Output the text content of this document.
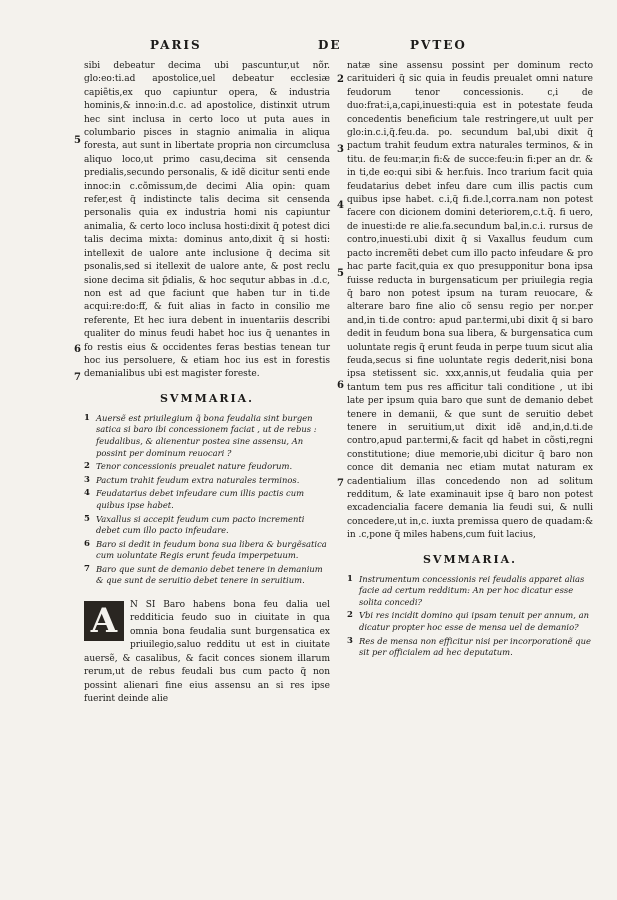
PARIS	DE	PVTEO

sibi debeatur decima ubi pascuntur,ut nõr. glo:eo:ti.ad apostolice,uel debeatur ecclesiæ capiẽtis,ex quo capiuntur opera, & industria hominis,& inno:in.d.c. ad apostolice, distinxit utrum hec sint inclusa in certo loco ut puta aues in columbario pisces in stagnio animalia in aliqua foresta, aut sunt in libertate propria non circumclusa aliquo loco,ut primo casu,decima sit censenda predialis,secundo personalis, & idẽ dicitur senti ende innoc:in c.cõmissum,de decimi Alia opin: quam refer,est q̃ indistincte talis decima sit censenda personalis quia ex industria homi nis capiuntur animalia, & certo loco inclusa hosti:dixit q̃ potest dici talis decima mixta: dominus anto,dixit q̃ si hosti: intellexit de ualore ante inclusione q̃ decima sit psonalis,sed si itellexit de ualore ante, & post reclu sione decima sit p̃dialis, & hoc sequtur abbas in .d.c, non est ad que faciunt que haben tur in ti.de acqui:re:do:ff, & fuit alias in facto in consilio me referente, Et hec iura debent in inuentariis describi qualiter do minus feudi habet hoc ius q̃ uenantes in fo restis eius & occidentes feras bestias tenean tur hoc ius persoluere, & etiam hoc ius est in forestis demanialibus ubi est magister foreste.

SVMMARIA.
1 Auersẽ est priuilegium q̃ bona feudalia sint burgen satica si baro ibi concessionem faciat , ut de rebus : feudalibus, & alienentur postea sine assensu, An possint per dominum reuocari ?
2 Tenor concessionis preualet nature feudorum.
3 Pactum trahit feudum extra naturales terminos.
4 Feudatarius debet infeudare cum illis pactis cum quibus ipse habet.
5 Vaxallus si accepit feudum cum pacto incrementi debet cum illo pacto infeudare.
6 Baro si dedit in feudum bona sua libera & burgẽsatica cum uoluntate Regis erunt feuda imperpetuum.
7 Baro que sunt de demanio debet tenere in demanium & que sunt de seruitio debet tenere in seruitium.
A	N SI Baro habens bona feu dalia uel redditicia feudo suo in ciuitate in qua omnia bona feudalia sunt burgensatica ex priuilegio,saluo redditu ut est in ciuitate auersẽ, & casalibus, & facit conces sionem illarum rerum,ut de rebus feudali bus cum pacto q̃ non possint alienari fine eius assensu an si res ipse fuerint deinde alie

5
6
7

natæ sine assensu possint per dominum recto carituideri q̃ sic quia in feudis preualet omni nature feudorum tenor concessionis. c,i de duo:frat:i,a,capi,inuesti:quia est in potestate feuda concedentis beneficium tale restringere,ut uult per glo:in.c.i,q̃.feu.da. po. secundum bal,ubi dixit q̃ pactum trahit feudum extra naturales terminos, & in titu. de feu:mar,in fi:& de succe:feu:in fi:per an dr. & in ti,de eo:qui sibi & her.fuis. Inco trarium facit quia feudatarius debet infeu dare cum illis pactis cum quibus ipse habet. c.i,q̃ fi.de.l,corra.nam non potest facere con dicionem domini deteriorem,c.t.q̃. fi uero, de inuesti:de re alie.fa.secundum bal,in.c.i. rursus de contro,inuesti.ubi dixit q̃ si Vaxallus feudum cum pacto incremẽti debet cum illo pacto infeudare & pro hac parte facit,quia ex quo presupponitur bona ipsa fuisse reducta in burgensaticum per priuilegia regia q̃ baro non potest ipsum na turam reuocare, & alterare baro fine alio cõ sensu regio per nor.per and,in ti.de contro: apud par.termi,ubi dixit q̃ si baro dedit in feudum bona sua libera, & burgensatica cum uoluntate regis q̃ erunt feuda in perpe tuum sicut alia feuda,secus si fine uoluntate regis dederit,nisi bona ipsa stetissent sic. xxx,annis,ut feudalia quia per tantum tem pus res afficitur tali conditione , ut ibi late per ipsum quia baro que sunt de demanio debet tenere in demanii, & que sunt de seruitio debet tenere in seruitium,ut dixit idẽ and,in,d.ti.de contro,apud par.termi,& facit qd habet in cõsti,regni constitutione; diue memorie,ubi dicitur q̃ baro non conce dit demania nec etiam mutat naturam ex cadentialium illas concedendo non ad solitum redditum, & late examinauit ipse q̃ baro non potest excadencialia facere demania lia feudi sui, & nulli concedere,ut in,c. iuxta premissa quero de quadam:& in .c,pone q̃ miles habens,cum fuit lacius,

SVMMARIA.
1 Instrumentum concessionis rei feudalis apparet alias facie ad certum redditum: An per hoc dicatur esse solita concedi?
2 Vbi res incidit domino qui ipsam tenuit per annum, an dicatur propter hoc esse de mensa uel de demanio?
3 Res de mensa non efficitur nisi per incorporationẽ que sit per officialem ad hec deputatum.
2
3
4
5
6
7
